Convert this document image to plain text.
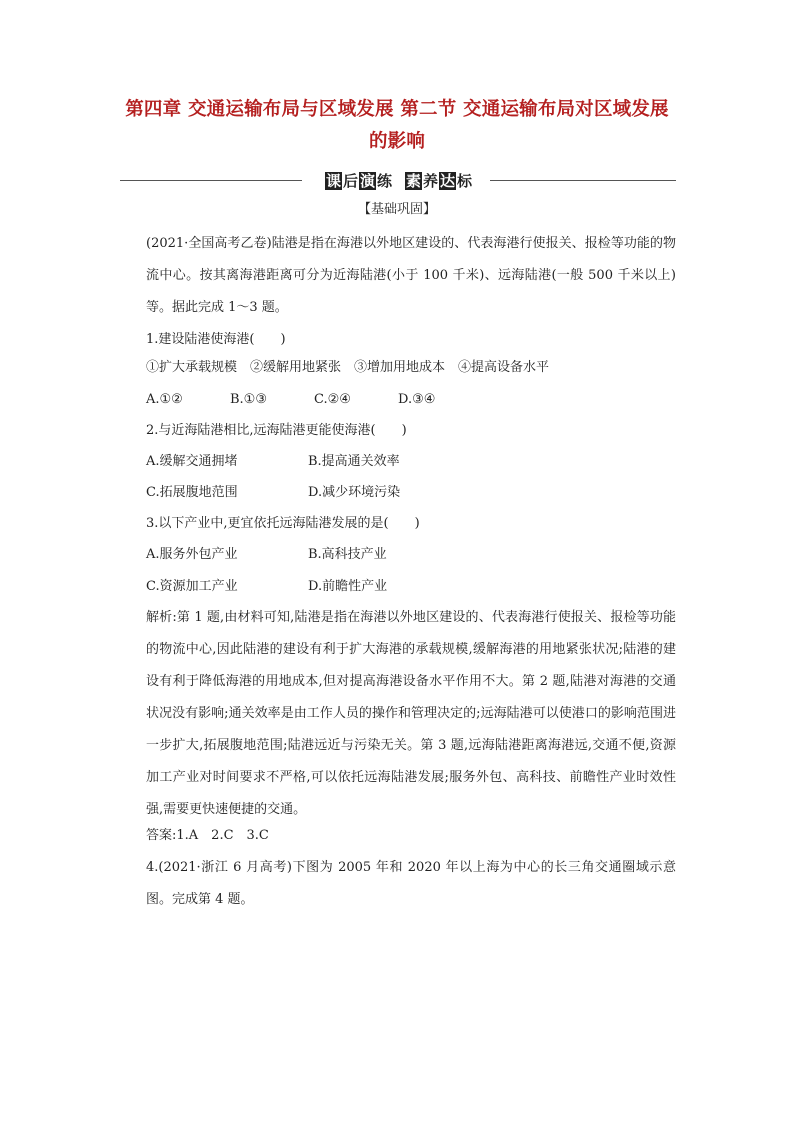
第四章 交通运输布局与区域发展 第二节 交通运输布局对区域发展
的影响
课 后 演 练 素 养 达 标
【基础巩固】
(2021·全国高考乙卷)陆港是指在海港以外地区建设的、代表海港行使报关、报检等功能的物流中心。按其离海港距离可分为近海陆港(小于 100 千米)、远海陆港(一般 500 千米以上)等。据此完成 1～3 题。
1.建设陆港使海港(　　)
①扩大承载规模　②缓解用地紧张　③增加用地成本　④提高设备水平
A.①②	B.①③	C.②④	D.③④
2.与近海陆港相比,远海陆港更能使海港(　　)
A.缓解交通拥堵	B.提高通关效率
C.拓展腹地范围	D.减少环境污染
3.以下产业中,更宜依托远海陆港发展的是(　　)
A.服务外包产业	B.高科技产业
C.资源加工产业	D.前瞻性产业
解析:第 1 题,由材料可知,陆港是指在海港以外地区建设的、代表海港行使报关、报检等功能的物流中心,因此陆港的建设有利于扩大海港的承载规模,缓解海港的用地紧张状况;陆港的建设有利于降低海港的用地成本,但对提高海港设备水平作用不大。第 2 题,陆港对海港的交通状况没有影响;通关效率是由工作人员的操作和管理决定的;远海陆港可以使港口的影响范围进一步扩大,拓展腹地范围;陆港远近与污染无关。第 3 题,远海陆港距离海港远,交通不便,资源加工产业对时间要求不严格,可以依托远海陆港发展;服务外包、高科技、前瞻性产业时效性强,需要更快速便捷的交通。
答案:1.A　2.C　3.C
4.(2021·浙江 6 月高考)下图为 2005 年和 2020 年以上海为中心的长三角交通圈域示意图。完成第 4 题。
